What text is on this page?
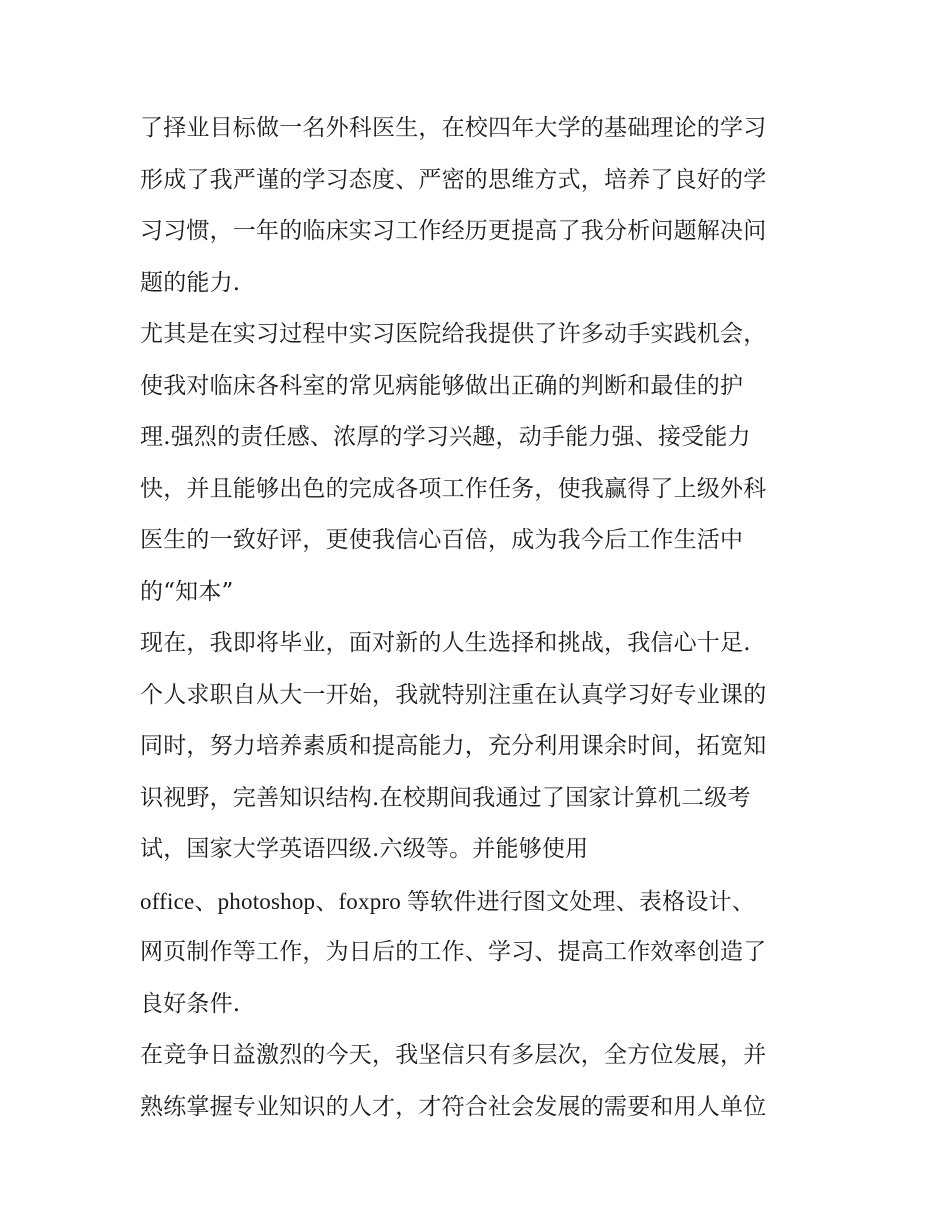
了择业目标做一名外科医生，在校四年大学的基础理论的学习
形成了我严谨的学习态度、严密的思维方式，培养了良好的学
习习惯，一年的临床实习工作经历更提高了我分析问题解决问
题的能力.
尤其是在实习过程中实习医院给我提供了许多动手实践机会，
使我对临床各科室的常见病能够做出正确的判断和最佳的护
理.强烈的责任感、浓厚的学习兴趣，动手能力强、接受能力
快，并且能够出色的完成各项工作任务，使我赢得了上级外科
医生的一致好评，更使我信心百倍，成为我今后工作生活中
的“知本”
现在，我即将毕业，面对新的人生选择和挑战，我信心十足.
个人求职自从大一开始，我就特别注重在认真学习好专业课的
同时，努力培养素质和提高能力，充分利用课余时间，拓宽知
识视野，完善知识结构.在校期间我通过了国家计算机二级考
试，国家大学英语四级.六级等。并能够使用
office、photoshop、foxpro 等软件进行图文处理、表格设计、
网页制作等工作，为日后的工作、学习、提高工作效率创造了
良好条件.
在竞争日益激烈的今天，我坚信只有多层次，全方位发展，并
熟练掌握专业知识的人才，才符合社会发展的需要和用人单位
